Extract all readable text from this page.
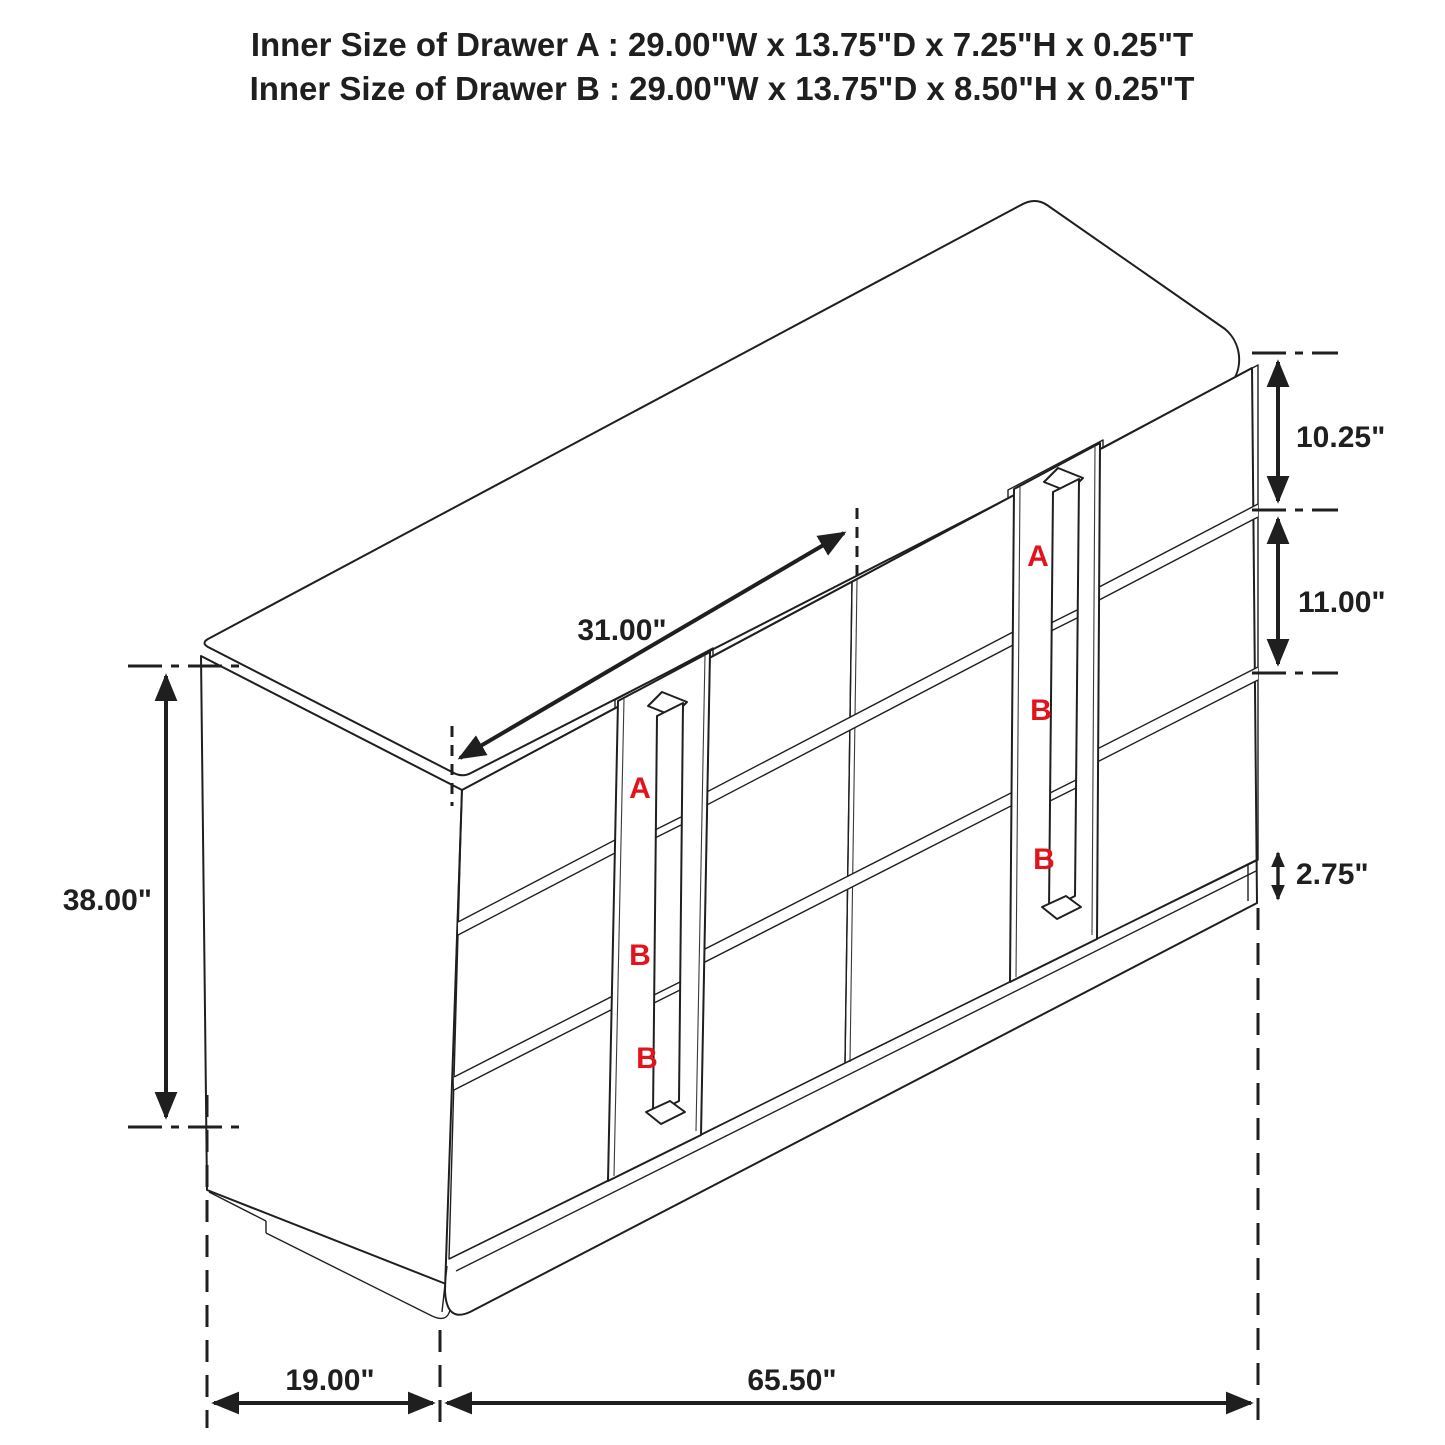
A
B
B
A
B
B
31.00"
10.25"
11.00"
2.75"
38.00"
19.00"	65.50"
Inner Size of Drawer A : 29.00"W x 13.75"D x 7.25"H x 0.25"T
Inner Size of Drawer B : 29.00"W x 13.75"D x 8.50"H x 0.25"T
